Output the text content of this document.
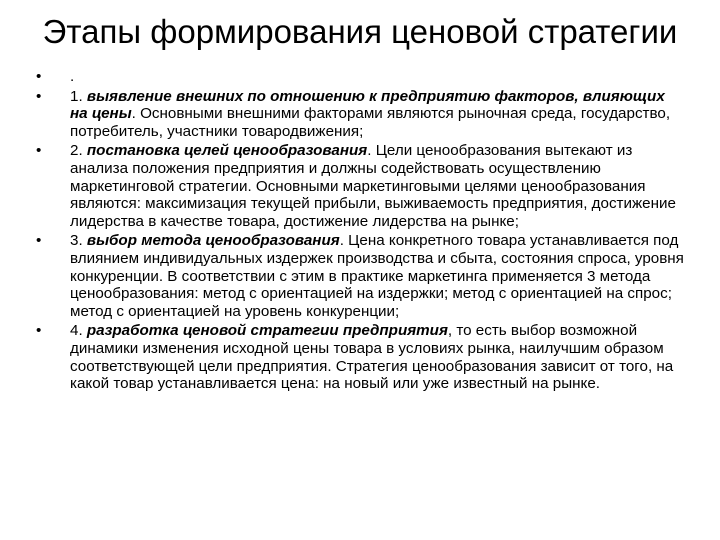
Этапы формирования ценовой стратегии
•	.
•	1. выявление внешних по отношению к предприятию факторов, влияющих на цены. Основными внешними факторами являются рыночная среда, государство, потребитель, участники товародвижения;
•	2. постановка целей ценообразования. Цели ценообразования вытекают из анализа положения предприятия и должны содействовать осуществлению маркетинговой стратегии. Основными маркетинговыми целями ценообразования являются: максимизация текущей прибыли, выживаемость предприятия, достижение лидерства в качестве товара, достижение лидерства на рынке;
•	3. выбор метода ценообразования. Цена конкретного товара устанавливается под влиянием индивидуальных издержек производства и сбыта, состояния спроса, уровня конкуренции. В соответствии с этим в практике маркетинга применяется 3 метода ценообразования: метод с ориентацией на издержки; метод с ориентацией на спрос; метод с ориентацией на уровень конкуренции;
•	4. разработка ценовой стратегии предприятия, то есть выбор возможной динамики изменения исходной цены товара в условиях рынка, наилучшим образом соответствующей цели предприятия. Стратегия ценообразования зависит от того, на какой товар устанавливается цена: на новый или уже известный на рынке.
